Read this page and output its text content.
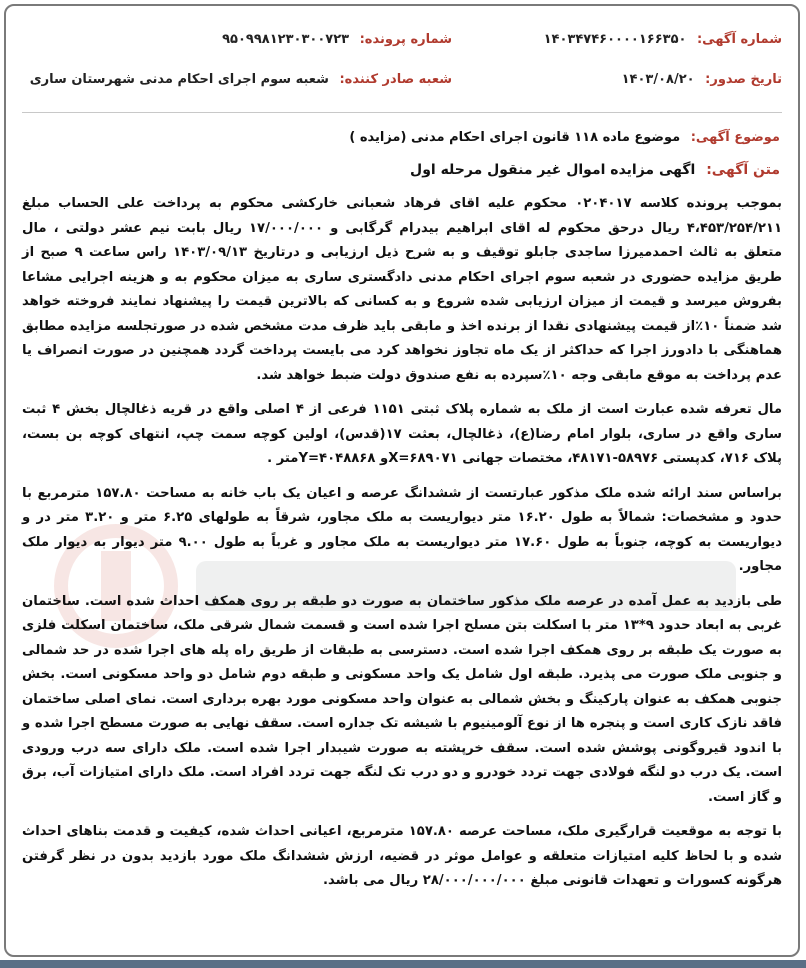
شماره آگهی: ۱۴۰۳۴۷۴۶۰۰۰۰۱۶۶۳۵۰
شماره پرونده: ۹۵۰۹۹۸۱۲۳۰۳۰۰۷۲۳
تاریخ صدور: ۱۴۰۳/۰۸/۲۰
شعبه صادر کننده: شعبه سوم اجرای احکام مدنی شهرستان ساری
موضوع آگهی: موضوع ماده ۱۱۸ قانون اجرای احکام مدنی (مزایده )
متن آگهی: اگهی مزایده اموال غیر منقول مرحله اول

بموجب پرونده کلاسه ۰۲۰۴۰۱۷ محکوم علیه اقای فرهاد شعبانی خارکشی محکوم به پرداخت علی الحساب مبلغ ۴،۴۵۳/۲۵۴/۲۱۱ ریال درحق محکوم له اقای ابراهیم بیدرام گرگابی و ۱۷/۰۰۰/۰۰۰ ریال بابت نیم عشر دولتی ، مال متعلق به ثالث احمدمیرزا ساجدی جابلو توقیف و به شرح ذیل ارزیابی و درتاریخ ۱۴۰۳/۰۹/۱۳ راس ساعت ۹ صبح از طریق مزایده حضوری در شعبه سوم اجرای احکام مدنی دادگستری ساری به میزان محکوم به و هزینه اجرایی مشاعا بفروش میرسد و قیمت از میزان ارزیابی شده شروع و به کسانی که بالاترین قیمت را پیشنهاد نمایند فروخته خواهد شد ضمناً ۱۰٪از قیمت پیشنهادی نقدا از برنده اخذ و مابقی باید ظرف مدت مشخص شده در صورتجلسه مزایده مطابق هماهنگی با دادورز اجرا که حداکثر از یک ماه تجاوز نخواهد کرد می بایست پرداخت گردد همچنین در صورت انصراف یا عدم پرداخت به موقع مابقی وجه ۱۰٪سپرده به نفع صندوق دولت ضبط خواهد شد.

مال تعرفه شده عبارت است از ملک به شماره پلاک ثبتی ۱۱۵۱ فرعی از ۴ اصلی واقع در قریه ذغالچال بخش ۴ ثبت ساری واقع در ساری، بلوار امام رضا(ع)، ذغالچال، بعثت ۱۷(قدس)، اولین کوچه سمت چپ، انتهای کوچه بن بست، پلاک ۷۱۶، کدپستی ۵۸۹۷۶-۴۸۱۷۱، مختصات جهانی X=۶۸۹۰۷۱و Y=۴۰۴۸۸۶۸متر .

براساس سند ارائه شده ملک مذکور عبارتست از ششدانگ عرصه و اعیان یک باب خانه به مساحت ۱۵۷.۸۰ مترمربع با حدود و مشخصات: شمالاً به طول ۱۶.۲۰ متر دیواریست به ملک مجاور، شرقاً به طولهای ۶.۲۵ متر و ۳.۲۰ متر در و دیواریست به کوچه، جنوباً به طول ۱۷.۶۰ متر دیواریست به ملک مجاور و غرباً به طول ۹.۰۰ متر دیوار به دیوار ملک مجاور.

طی بازدید به عمل آمده در عرصه ملک مذکور ساختمان به صورت دو طبقه بر روی همکف احداث شده است. ساختمان غربی به ابعاد حدود ۹*۱۳ متر با اسکلت بتن مسلح اجرا شده است و قسمت شمال شرقی ملک، ساختمان اسکلت فلزی به صورت یک طبقه بر روی همکف اجرا شده است. دسترسی به طبقات از طریق راه پله های اجرا شده در حد شمالی و جنوبی ملک صورت می پذیرد. طبقه اول شامل یک واحد مسکونی و طبقه دوم شامل دو واحد مسکونی است. بخش جنوبی همکف به عنوان پارکینگ و بخش شمالی به عنوان واحد مسکونی مورد بهره برداری است. نمای اصلی ساختمان فاقد نازک کاری است و پنجره ها از نوع آلومینیوم با شیشه تک جداره است. سقف نهایی به صورت مسطح اجرا شده و با اندود قیروگونی پوشش شده است. سقف خرپشته به صورت شیبدار اجرا شده است. ملک دارای سه درب ورودی است. یک درب دو لنگه فولادی جهت تردد خودرو و دو درب تک لنگه جهت تردد افراد است. ملک دارای امتیازات آب، برق و گاز است.

با توجه به موقعیت قرارگیری ملک، مساحت عرصه ۱۵۷.۸۰ مترمربع، اعیانی احداث شده، کیفیت و قدمت بناهای احداث شده و با لحاظ کلیه امتیازات متعلقه و عوامل موثر در قضیه، ارزش ششدانگ ملک مورد بازدید بدون در نظر گرفتن هرگونه کسورات و تعهدات قانونی مبلغ ۲۸/۰۰۰/۰۰۰/۰۰۰ ریال می باشد.
